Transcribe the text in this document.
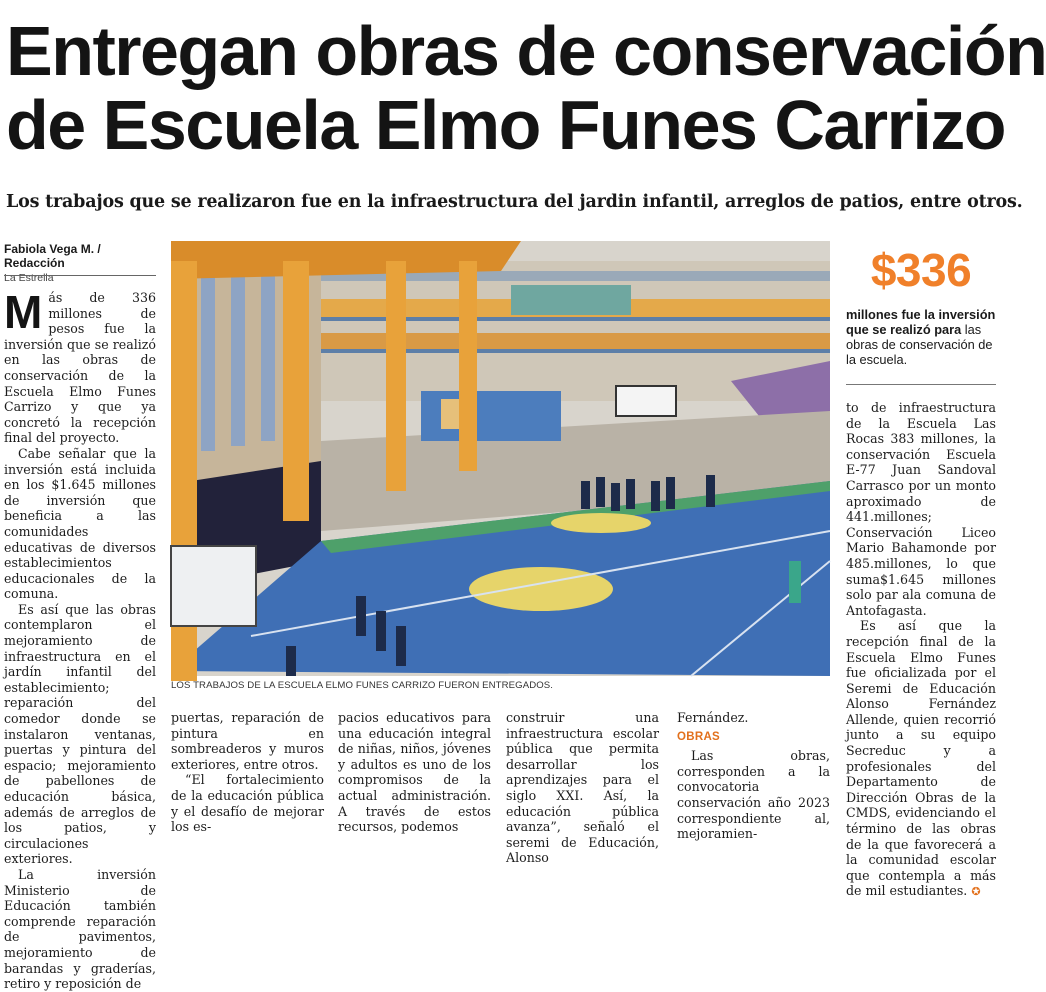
Entregan obras de conservación
de Escuela Elmo Funes Carrizo
Los trabajos que se realizaron fue en la infraestructura del jardin infantil, arreglos de patios, entre otros.
Fabiola Vega M. / Redacción
La Estrella

Más de 336 millones de pesos fue la inversión que se realizó en las obras de conservación de la Escuela Elmo Funes Carrizo y que ya concretó la recepción final del proyecto.

Cabe señalar que la inversión está incluida en los $1.645 millones de inversión que beneficia a las comunidades educativas de diversos establecimientos educacionales de la comuna.

Es así que las obras contemplaron el mejoramiento de infraestructura en el jardín infantil del establecimiento; reparación del comedor donde se instalaron ventanas, puertas y pintura del espacio; mejoramiento de pabellones de educación básica, además de arreglos de los patios, y circulaciones exteriores.

La inversión Ministerio de Educación también comprende reparación de pavimentos, mejoramiento de barandas y graderías, retiro y reposición de

LOS TRABAJOS DE LA ESCUELA ELMO FUNES CARRIZO FUERON ENTREGADOS.
$336
millones fue la inversión que se realizó para las obras de conservación de la escuela.

puertas, reparación de pintura en sombreaderos y muros exteriores, entre otros.

“El fortalecimiento de la educación pública y el desafío de mejorar los es-

pacios educativos para una educación integral de niñas, niños, jóvenes y adultos es uno de los compromisos de la actual administración. A través de estos recursos, podemos

construir una infraestructura escolar pública que permita desarrollar los aprendizajes para el siglo XXI. Así, la educación pública avanza”, señaló el seremi de Educación, Alonso

Fernández.

OBRAS

Las obras, corresponden a la convocatoria conservación año 2023 correspondiente al, mejoramien-

to de infraestructura de la Escuela Las Rocas 383 millones, la conservación Escuela E-77 Juan Sandoval Carrasco por un monto aproximado de 441.millones; Conservación Liceo Mario Bahamonde por 485.millones, lo que suma$1.645 millones solo par ala comuna de Antofagasta.

Es así que la recepción final de la Escuela Elmo Funes fue oficializada por el Seremi de Educación Alonso Fernández Allende, quien recorrió junto a su equipo Secreduc y a profesionales del Departamento de Dirección Obras de la CMDS, evidenciando el término de las obras de la que favorecerá a la comunidad escolar que contempla a más de mil estudiantes. ✪
